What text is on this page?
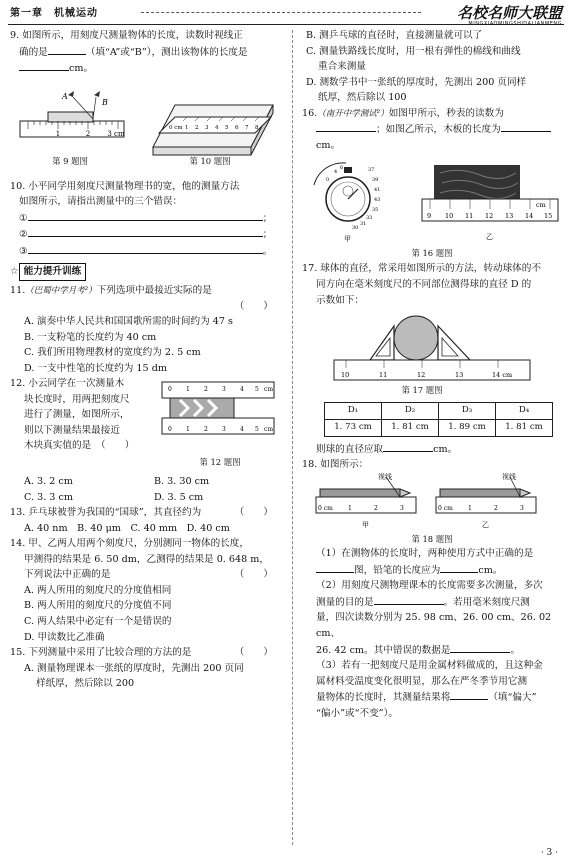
第一章　机械运动	名校名师大联盟
MINGXIAOMINGSHIDALIANMENG

9. 如图所示，用刻度尺测量物体的长度，读数时视线正

确的是	（填“A”或“B”），测出该物体的长度是

cm。

1	2 3 cm
A
B
0 cm 1 2 3 4 5 6 7 8
第 9 题图	第 10 题图

10. 小平同学用刻度尺测量物理书的宽，他的测量方法

如图所示，请指出测量中的三个错误：

①	；

②	；

③	。

☆ 能力提升训练

11.（巴蜀中学月考²）下列选项中最接近实际的是

（　　）

A. 演奏中华人民共和国国歌所需的时间约为 47 s

B. 一支粉笔的长度约为 40 cm

C. 我们所用物理教材的宽度约为 2. 5 cm

D. 一支中性笔的长度约为 15 dm

12. 小云同学在一次测量木

块长度时，用两把刻度尺

进行了测量，如图所示，

则以下测量结果最接近

木块真实值的是　 （　　）

0 1 2 3 4 5 cm
0 1 2 3 4 5 cm
第 12 题图

A. 3. 2 cm	B. 3. 30 cm

C. 3. 3 cm	D. 3. 5 cm

13. 乒乓球被誉为我国的“国球”，其直径约为	（　　）

A. 40 nm　 B. 40 μm　 C. 40 mm　 D. 40 cm

14. 甲、乙两人用两个刻度尺，分别测同一物体的长度，

甲测得的结果是 6. 50 dm，乙测得的结果是 0. 648 m，

下列说法中正确的是	（　　）

A. 两人所用的刻度尺的分度值相同

B. 两人所用的刻度尺的分度值不同

C. 两人结果中必定有一个是错误的

D. 甲读数比乙准确

15. 下列测量中采用了比较合理的方法的是	（　　）

A. 测量物理课本一张纸的厚度时，先测出 200 页同

样纸厚，然后除以 200

B. 测乒乓球的直径时，直接测量就可以了

C. 测量铁路线长度时，用一根有弹性的棉线和曲线

重合来测量

D. 测数学书中一张纸的厚度时，先测出 200 页同样

纸厚，然后除以 100

16.（南开中学测试²）如图甲所示，秒表的读数为

；如图乙所示，木板的长度为cm。

0
4
6	37
39
41
43
35
33
31
30
甲
9 10 11 12 13 14 15
cm
乙
第 16 题图

17. 球体的直径，常采用如图所示的方法，转动球体的不

同方向在毫米刻度尺的不同部位测得球的直径 D 的

示数如下：

10	11	12	13	14 cm
第 17 题图
D₁	D₂	D₃	D₄
1. 73 cm	1. 81 cm	1. 89 cm	1. 81 cm

则球的直径应取	cm。

18. 如图所示：

视线
0 cm	1	2	3
甲
视线
0 cm	1	2	3
乙
第 18 题图

（1）在测物体的长度时，两种使用方式中正确的是

图，铅笔的长度应为	cm。

（2）用刻度尺测物理课本的长度需要多次测量，多次

测量的目的是	。若用毫米刻度尺测

量，四次读数分别为 25. 98 cm、26. 00 cm、26. 02 cm、

26. 42 cm。其中错误的数据是	。

（3）若有一把刻度尺是用金属材料做成的，且这种金

属材料受温度变化很明显，那么在严冬季节用它测

量物体的长度时，其测量结果将	（填“偏大”

“偏小”或“不变”）。

· 3 ·
